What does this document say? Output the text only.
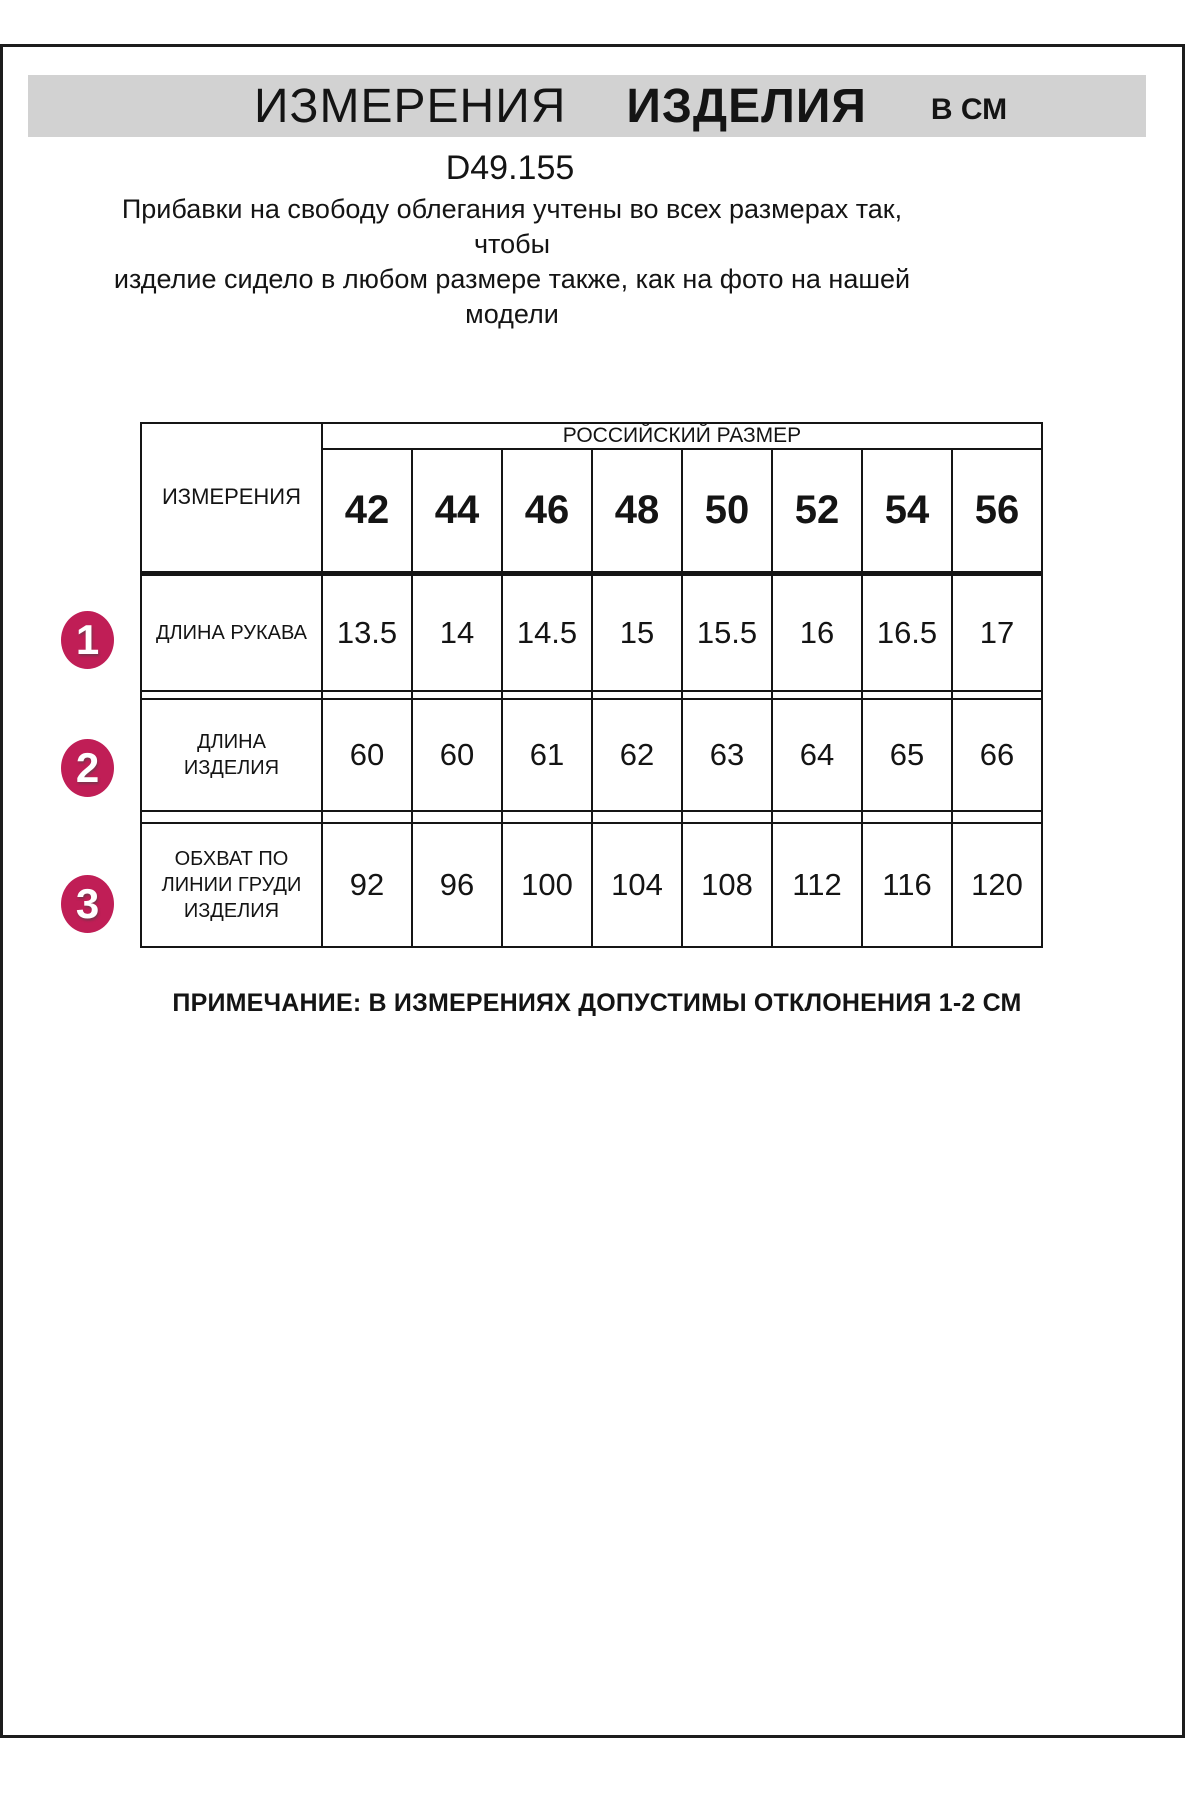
ИЗМЕРЕНИЯ ИЗДЕЛИЯ В СМ
D49.155
Прибавки на свободу облегания учтены во всех размерах так, чтобы
изделие сидело в любом размере также, как на фото на нашей
модели
ИЗМЕРЕНИЯ	РОССИЙСКИЙ РАЗМЕР							
	42	44	46	48	50	52	54	56
ДЛИНА РУКАВА	13.5	14	14.5	15	15.5	16	16.5	17

ДЛИНА ИЗДЕЛИЯ	60	60	61	62	63	64	65	66

ОБХВАТ ПО ЛИНИИ ГРУДИ ИЗДЕЛИЯ	92	96	100	104	108	112	116	120
1
2
3
ПРИМЕЧАНИЕ: В ИЗМЕРЕНИЯХ ДОПУСТИМЫ ОТКЛОНЕНИЯ 1-2 СМ
